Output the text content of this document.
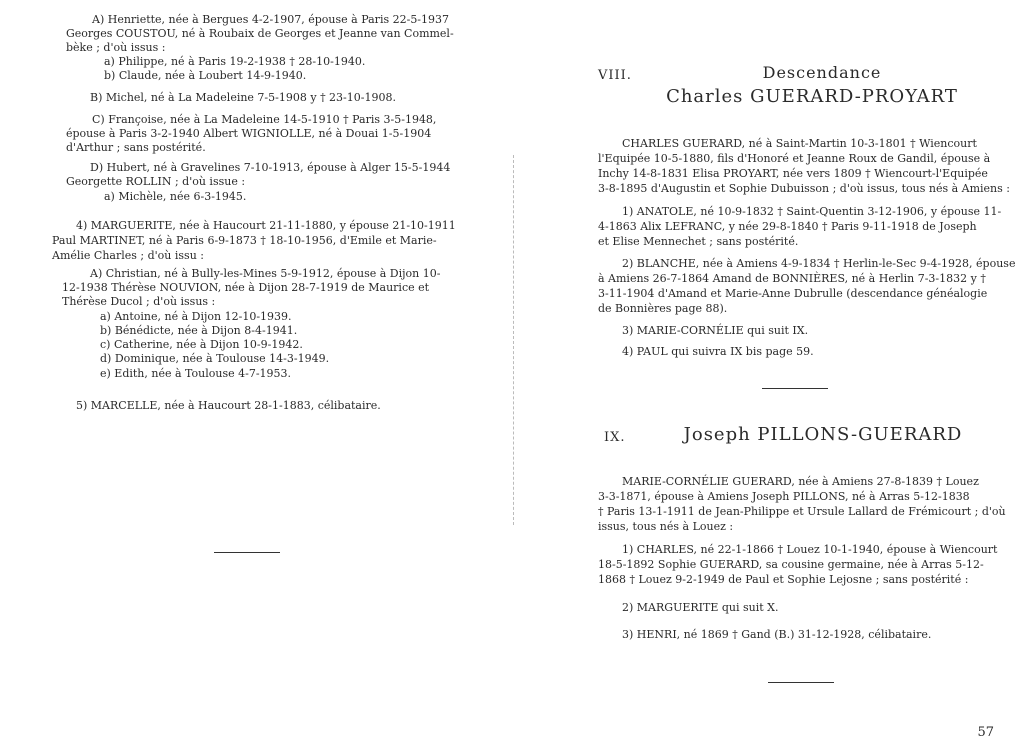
A) Henriette, née à Bergues 4-2-1907, épouse à Paris 22-5-1937
Georges COUSTOU, né à Roubaix de Georges et Jeanne van Commel-
bèke ; d'où issus :
a) Philippe, né à Paris 19-2-1938 † 28-10-1940.
b) Claude, née à Loubert 14-9-1940.
B) Michel, né à La Madeleine 7-5-1908 y † 23-10-1908.
C) Françoise, née à La Madeleine 14-5-1910 † Paris 3-5-1948,
épouse à Paris 3-2-1940 Albert WIGNIOLLE, né à Douai 1-5-1904
d'Arthur ; sans postérité.
D) Hubert, né à Gravelines 7-10-1913, épouse à Alger 15-5-1944
Georgette ROLLIN ; d'où issue :
a) Michèle, née 6-3-1945.
4) MARGUERITE, née à Haucourt 21-11-1880, y épouse 21-10-1911
Paul MARTINET, né à Paris 6-9-1873 † 18-10-1956, d'Emile et Marie-
Amélie Charles ; d'où issu :
A) Christian, né à Bully-les-Mines 5-9-1912, épouse à Dijon 10-
12-1938 Thérèse NOUVION, née à Dijon 28-7-1919 de Maurice et
Thérèse Ducol ; d'où issus :
a) Antoine, né à Dijon 12-10-1939.
b) Bénédicte, née à Dijon 8-4-1941.
c) Catherine, née à Dijon 10-9-1942.
d) Dominique, née à Toulouse 14-3-1949.
e) Edith, née à Toulouse 4-7-1953.
5) MARCELLE, née à Haucourt 28-1-1883, célibataire.
VIII.	Descendance
Charles GUERARD-PROYART
CHARLES GUERARD, né à Saint-Martin 10-3-1801 † Wiencourt
l'Equipée 10-5-1880, fils d'Honoré et Jeanne Roux de Gandil, épouse à
Inchy 14-8-1831 Elisa PROYART, née vers 1809 † Wiencourt-l'Equipée
3-8-1895 d'Augustin et Sophie Dubuisson ; d'où issus, tous nés à Amiens :
1) ANATOLE, né 10-9-1832 † Saint-Quentin 3-12-1906, y épouse 11-
4-1863 Alix LEFRANC, y née 29-8-1840 † Paris 9-11-1918 de Joseph
et Elise Mennechet ; sans postérité.
2) BLANCHE, née à Amiens 4-9-1834 † Herlin-le-Sec 9-4-1928, épouse
à Amiens 26-7-1864 Amand de BONNIÈRES, né à Herlin 7-3-1832 y †
3-11-1904 d'Amand et Marie-Anne Dubrulle (descendance généalogie
de Bonnières page 88).
3) MARIE-CORNÉLIE qui suit IX.
4) PAUL qui suivra IX bis page 59.
IX.	Joseph PILLONS-GUERARD
MARIE-CORNÉLIE GUERARD, née à Amiens 27-8-1839 † Louez
3-3-1871, épouse à Amiens Joseph PILLONS, né à Arras 5-12-1838
† Paris 13-1-1911 de Jean-Philippe et Ursule Lallard de Frémicourt ; d'où
issus, tous nés à Louez :
1) CHARLES, né 22-1-1866 † Louez 10-1-1940, épouse à Wiencourt
18-5-1892 Sophie GUERARD, sa cousine germaine, née à Arras 5-12-
1868 † Louez 9-2-1949 de Paul et Sophie Lejosne ; sans postérité :
2) MARGUERITE qui suit X.
3) HENRI, né 1869 † Gand (B.) 31-12-1928, célibataire.
57
